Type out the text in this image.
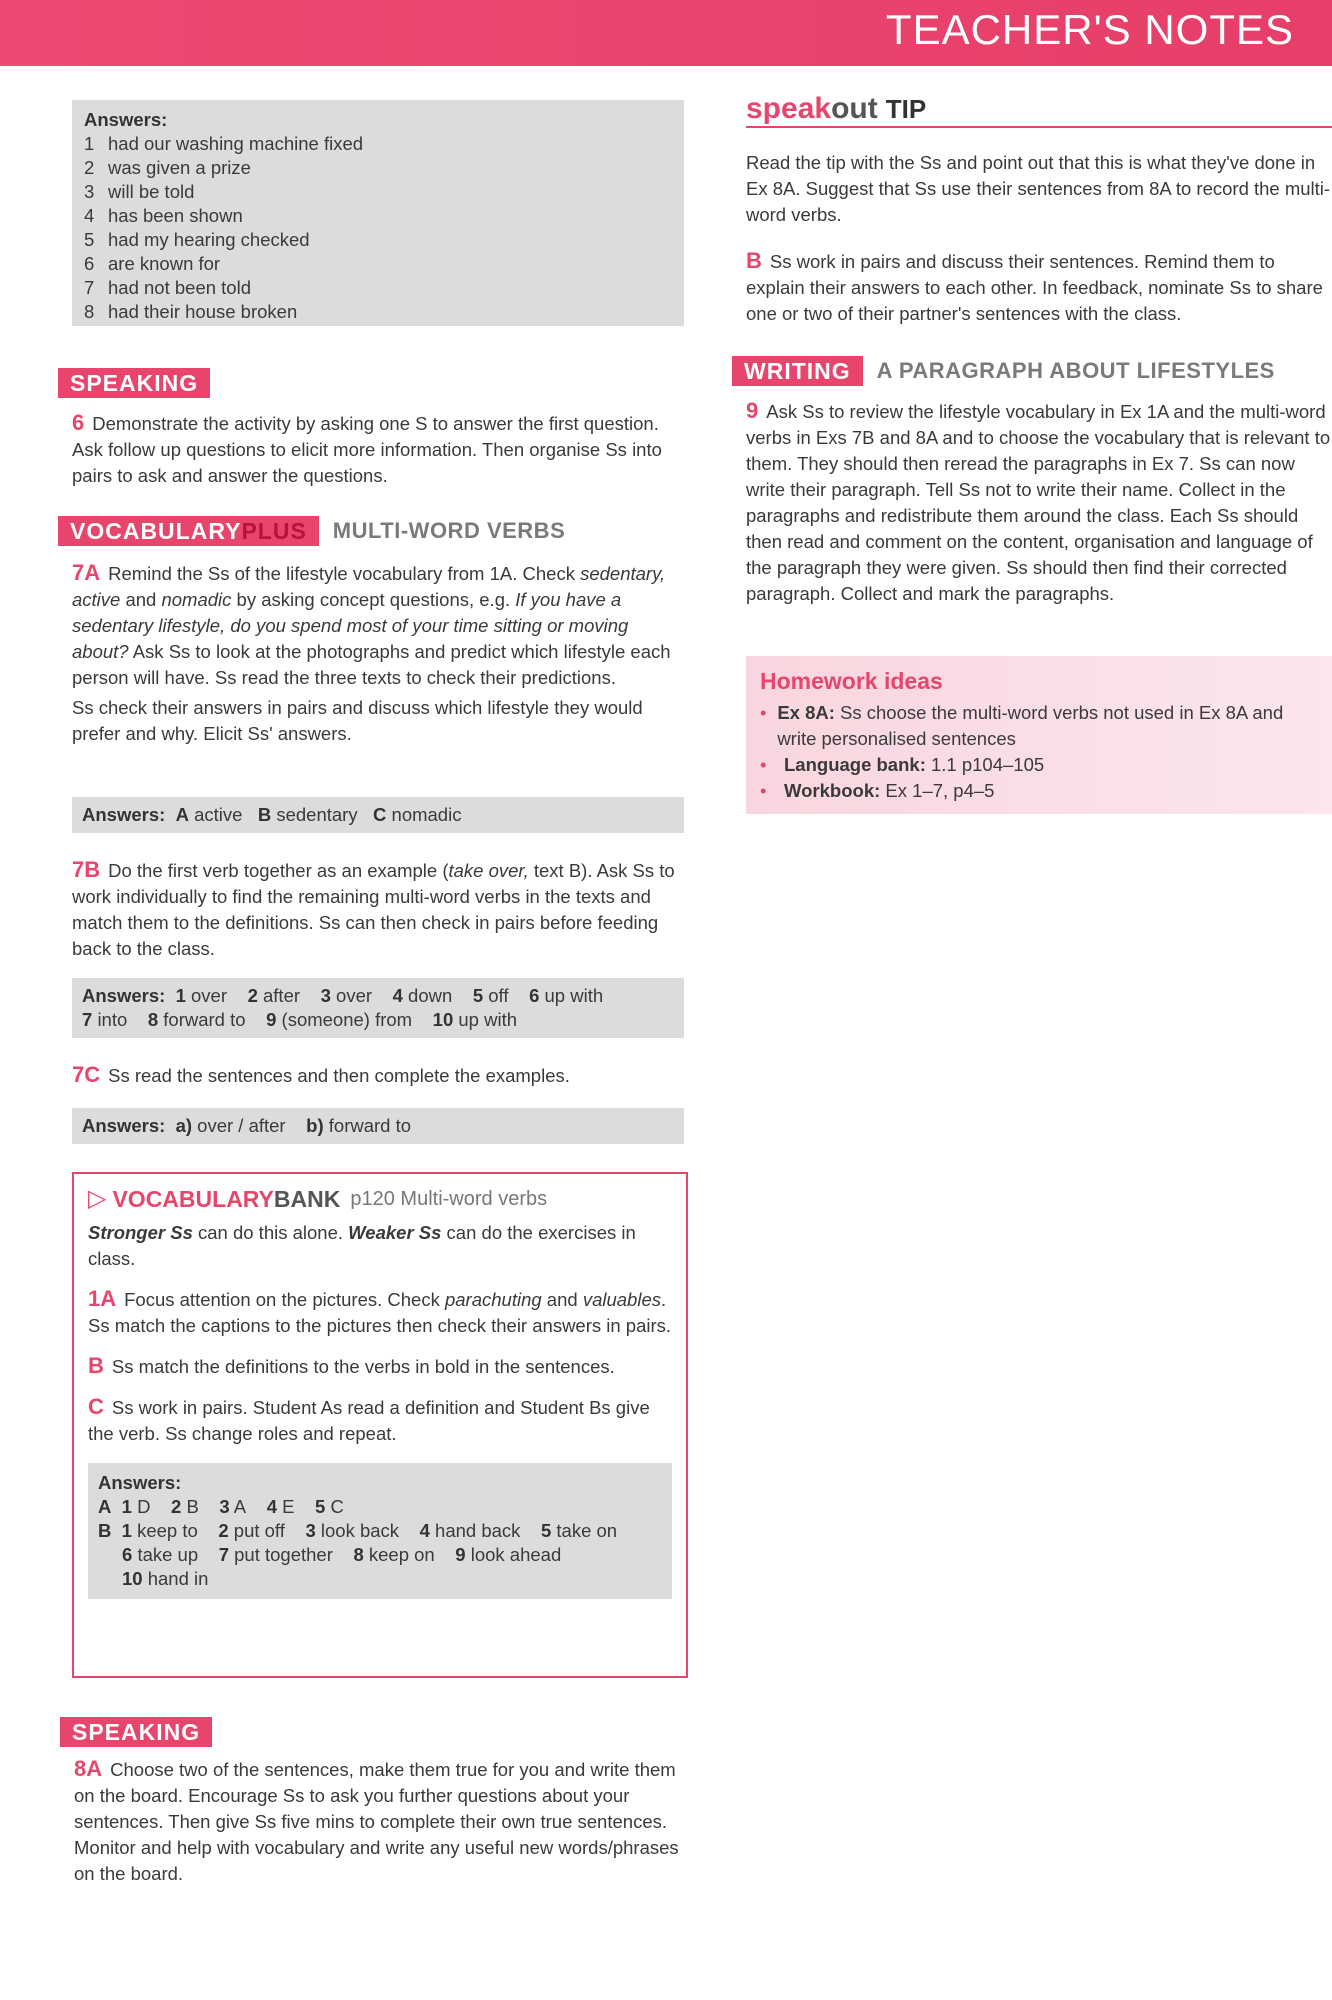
TEACHER'S NOTES
Answers:
1 had our washing machine fixed
2 was given a prize
3 will be told
4 has been shown
5 had my hearing checked
6 are known for
7 had not been told
8 had their house broken
SPEAKING

6 Demonstrate the activity by asking one S to answer the first question. Ask follow up questions to elicit more information. Then organise Ss into pairs to ask and answer the questions.

VOCABULARYPLUS	MULTI-WORD VERBS

7A Remind the Ss of the lifestyle vocabulary from 1A. Check sedentary, active and nomadic by asking concept questions, e.g. If you have a sedentary lifestyle, do you spend most of your time sitting or moving about? Ask Ss to look at the photographs and predict which lifestyle each person will have. Ss read the three texts to check their predictions.

Ss check their answers in pairs and discuss which lifestyle they would prefer and why. Elicit Ss' answers.

Answers: A active B sedentary C nomadic

7B Do the first verb together as an example (take over, text B). Ask Ss to work individually to find the remaining multi-word verbs in the texts and match them to the definitions. Ss can then check in pairs before feeding back to the class.

Answers: 1 over 2 after 3 over 4 down 5 off 6 up with
7 into 8 forward to 9 (someone) from 10 up with

7C Ss read the sentences and then complete the examples.

Answers: a) over / after b) forward to
▷ VOCABULARY BANK p120 Multi-word verbs

Stronger Ss can do this alone. Weaker Ss can do the exercises in class.

1A Focus attention on the pictures. Check parachuting and valuables. Ss match the captions to the pictures then check their answers in pairs.

B Ss match the definitions to the verbs in bold in the sentences.

C Ss work in pairs. Student As read a definition and Student Bs give the verb. Ss change roles and repeat.

Answers:
A 1 D 2 B 3 A 4 E 5 C
B 1 keep to 2 put off 3 look back 4 hand back 5 take on
6 take up 7 put together 8 keep on 9 look ahead
10 hand in
SPEAKING

8A Choose two of the sentences, make them true for you and write them on the board. Encourage Ss to ask you further questions about your sentences. Then give Ss five mins to complete their own true sentences. Monitor and help with vocabulary and write any useful new words/phrases on the board.

speakout TIP

Read the tip with the Ss and point out that this is what they've done in Ex 8A. Suggest that Ss use their sentences from 8A to record the multi-word verbs.

B Ss work in pairs and discuss their sentences. Remind them to explain their answers to each other. In feedback, nominate Ss to share one or two of their partner's sentences with the class.

WRITING	A PARAGRAPH ABOUT LIFESTYLES

9 Ask Ss to review the lifestyle vocabulary in Ex 1A and the multi-word verbs in Exs 7B and 8A and to choose the vocabulary that is relevant to them. They should then reread the paragraphs in Ex 7. Ss can now write their paragraph. Tell Ss not to write their name. Collect in the paragraphs and redistribute them around the class. Each Ss should then read and comment on the content, organisation and language of the paragraph they were given. Ss should then find their corrected paragraph. Collect and mark the paragraphs.

Homework ideas
• Ex 8A: Ss choose the multi-word verbs not used in Ex 8A and write personalised sentences
• Language bank: 1.1 p104–105
• Workbook: Ex 1–7, p4–5
